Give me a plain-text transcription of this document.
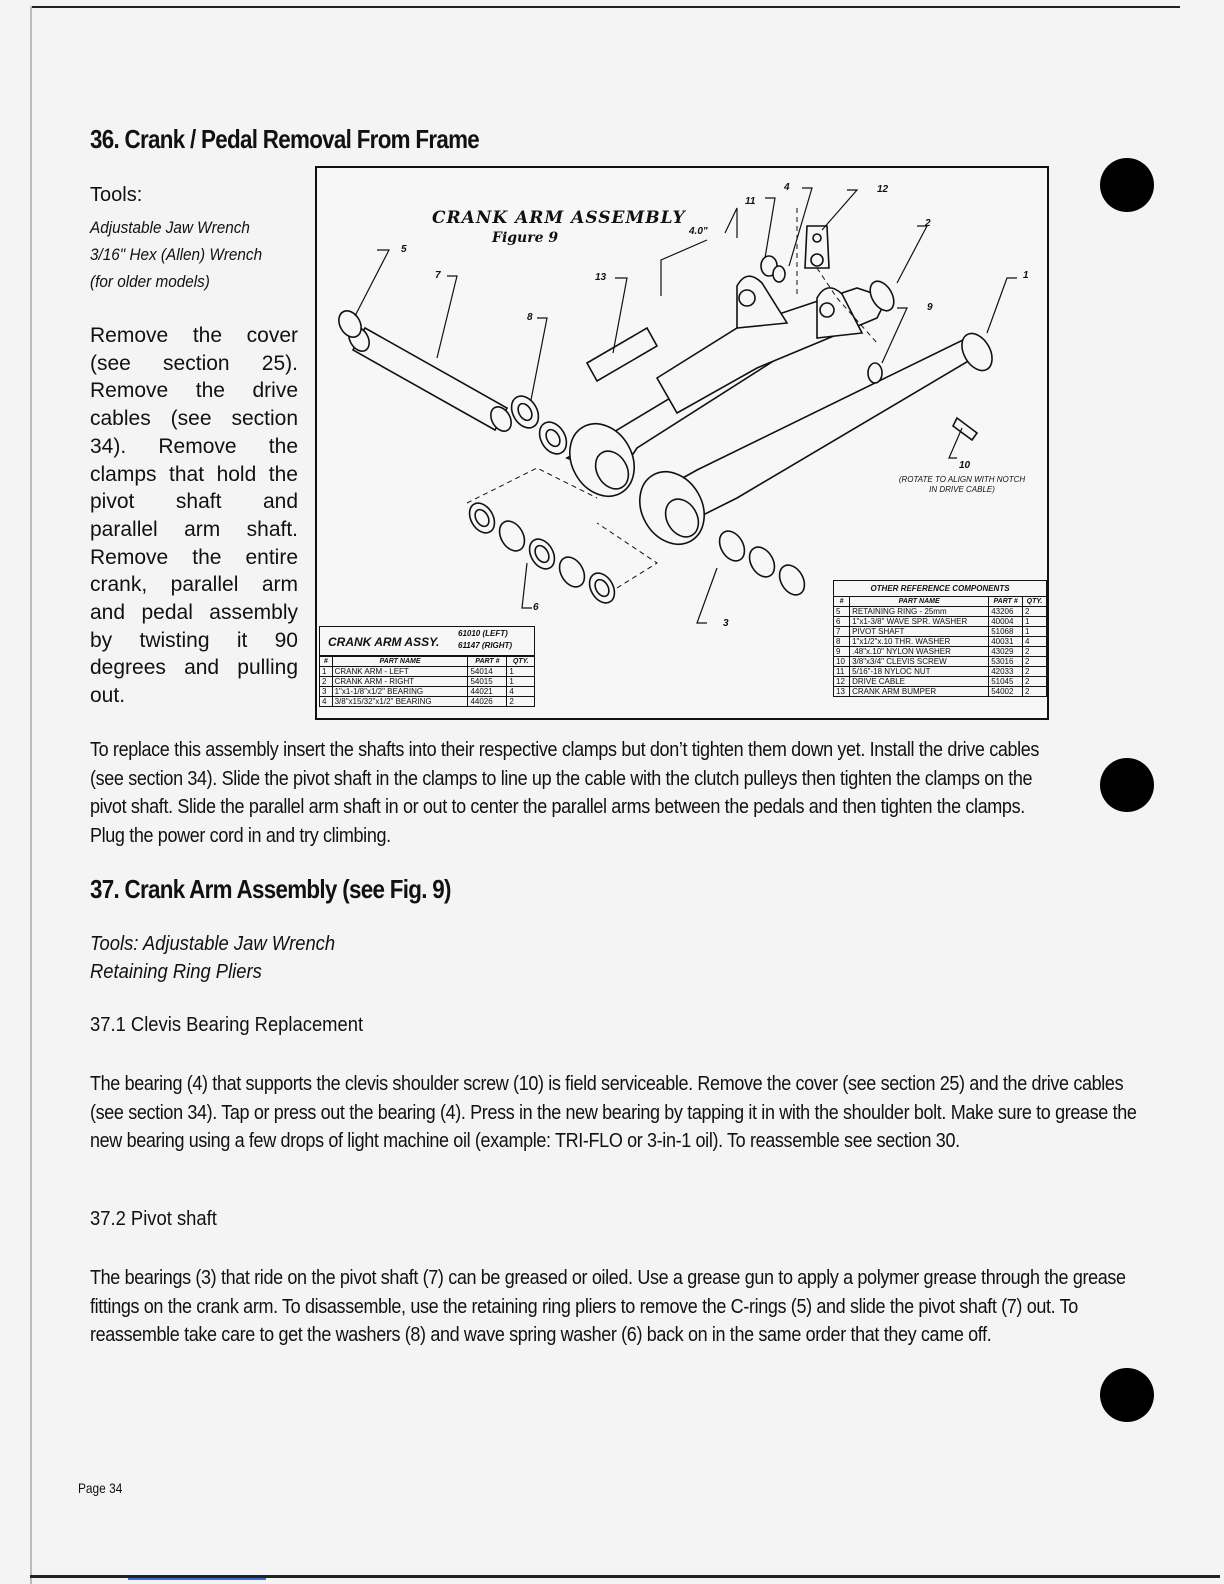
36. Crank / Pedal Removal From Frame
Tools:
Adjustable Jaw Wrench
3/16" Hex (Allen) Wrench
(for older models)
Remove the cover (see section 25). Remove the drive cables (see section 34). Remove the clamps that hold the pivot shaft and parallel arm shaft. Remove the entire crank, parallel arm and pedal assembly by twisting it 90 degrees and pulling out.
CRANK ARM ASSEMBLY
Figure 9	4.0"
1
2
3
4
5
6
7
8
9
10
11
12
13
(ROTATE TO ALIGN WITH NOTCH IN DRIVE CABLE)
CRANK ARM ASSY.
61010 (LEFT)
61147 (RIGHT)
#	PART NAME	PART #	QTY.
1	CRANK ARM - LEFT	54014	1
2	CRANK ARM - RIGHT	54015	1
3	1"x1-1/8"x1/2" BEARING	44021	4
4	3/8"x15/32"x1/2" BEARING	44026	2
OTHER REFERENCE COMPONENTS
#	PART NAME	PART #	QTY.
5	RETAINING RING - 25mm	43206	2
6	1"x1-3/8" WAVE SPR. WASHER	40004	1
7	PIVOT SHAFT	51068	1
8	1"x1/2"x.10 THR. WASHER	40031	4
9	.48"x.10" NYLON WASHER	43029	2
10	3/8"x3/4" CLEVIS SCREW	53016	2
11	5/16"-18 NYLOC NUT	42033	2
12	DRIVE CABLE	51045	2
13	CRANK ARM BUMPER	54002	2
To replace this assembly insert the shafts into their respective clamps but don’t tighten them down yet. Install the drive cables (see section 34). Slide the pivot shaft in the clamps to line up the cable with the clutch pulleys then tighten the clamps on the pivot shaft. Slide the parallel arm shaft in or out to center the parallel arms between the pedals and then tighten the clamps. Plug the power cord in and try climbing.
37. Crank Arm Assembly (see Fig. 9)
Tools: Adjustable Jaw Wrench
Retaining Ring Pliers
37.1 Clevis Bearing Replacement
The bearing (4) that supports the clevis shoulder screw (10) is field serviceable. Remove the cover (see section 25) and the drive cables (see section 34). Tap or press out the bearing (4). Press in the new bearing by tapping it in with the shoulder bolt. Make sure to grease the new bearing using a few drops of light machine oil (example: TRI-FLO or 3-in-1 oil). To reassemble see section 30.
37.2 Pivot shaft
The bearings (3) that ride on the pivot shaft (7) can be greased or oiled. Use a grease gun to apply a polymer grease through the grease fittings on the crank arm. To disassemble, use the retaining ring pliers to remove the C-rings (5) and slide the pivot shaft (7) out. To reassemble take care to get the washers (8) and wave spring washer (6) back on in the same order that they came off.
Page 34
